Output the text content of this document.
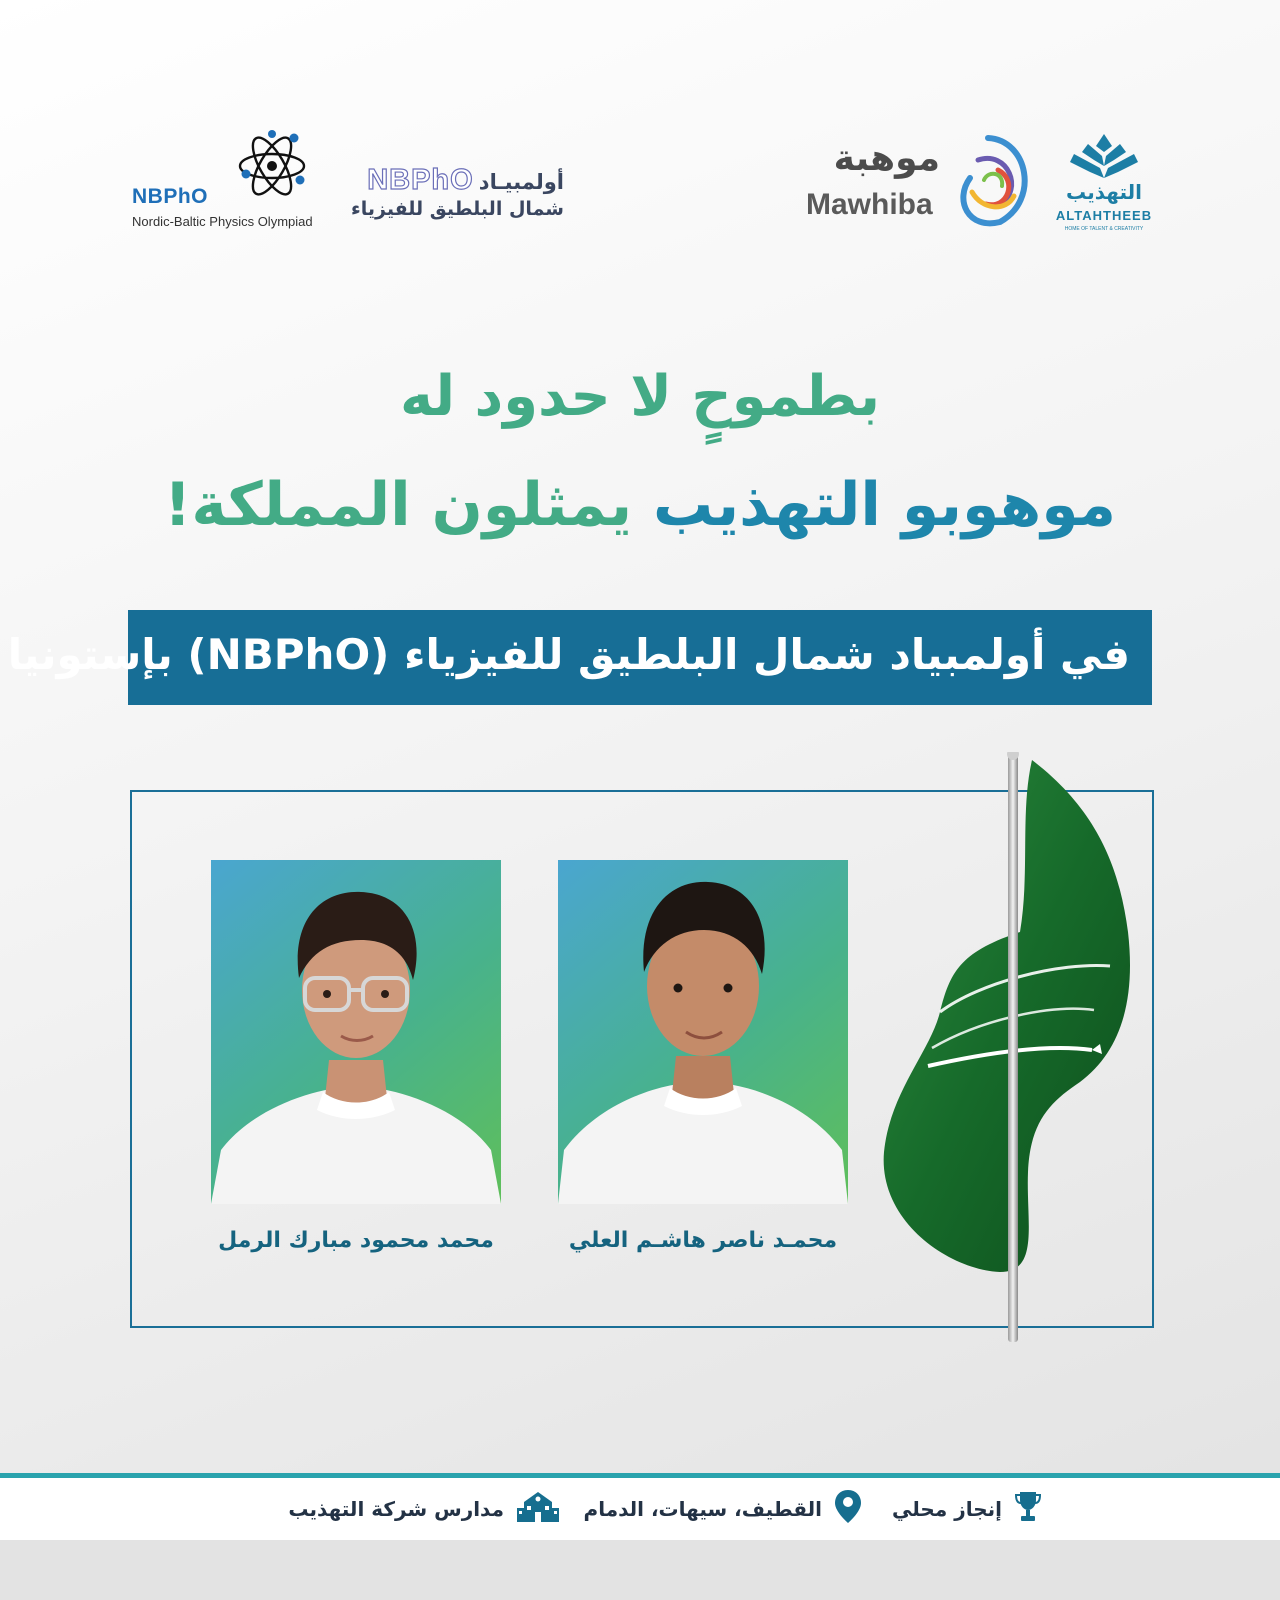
NBPhO
Nordic-Baltic Physics Olympiad
أولمبيـاد NBPhO
شمال البلطيق للفيزياء
موهبة
Mawhiba	التهذيب
ALTAHTHEEB
HOME OF TALENT & CREATIVITY
بطموحٍ لا حدود له
موهوبو التهذيب يمثلون المملكة!
في أولمبياد شمال البلطيق للفيزياء (NBPhO) بإستونيا
محمد محمود مبارك الرمل	محمـد ناصر هاشـم العلي
إنجاز محلي
القطيف، سيهات، الدمام
مدارس شركة التهذيب
